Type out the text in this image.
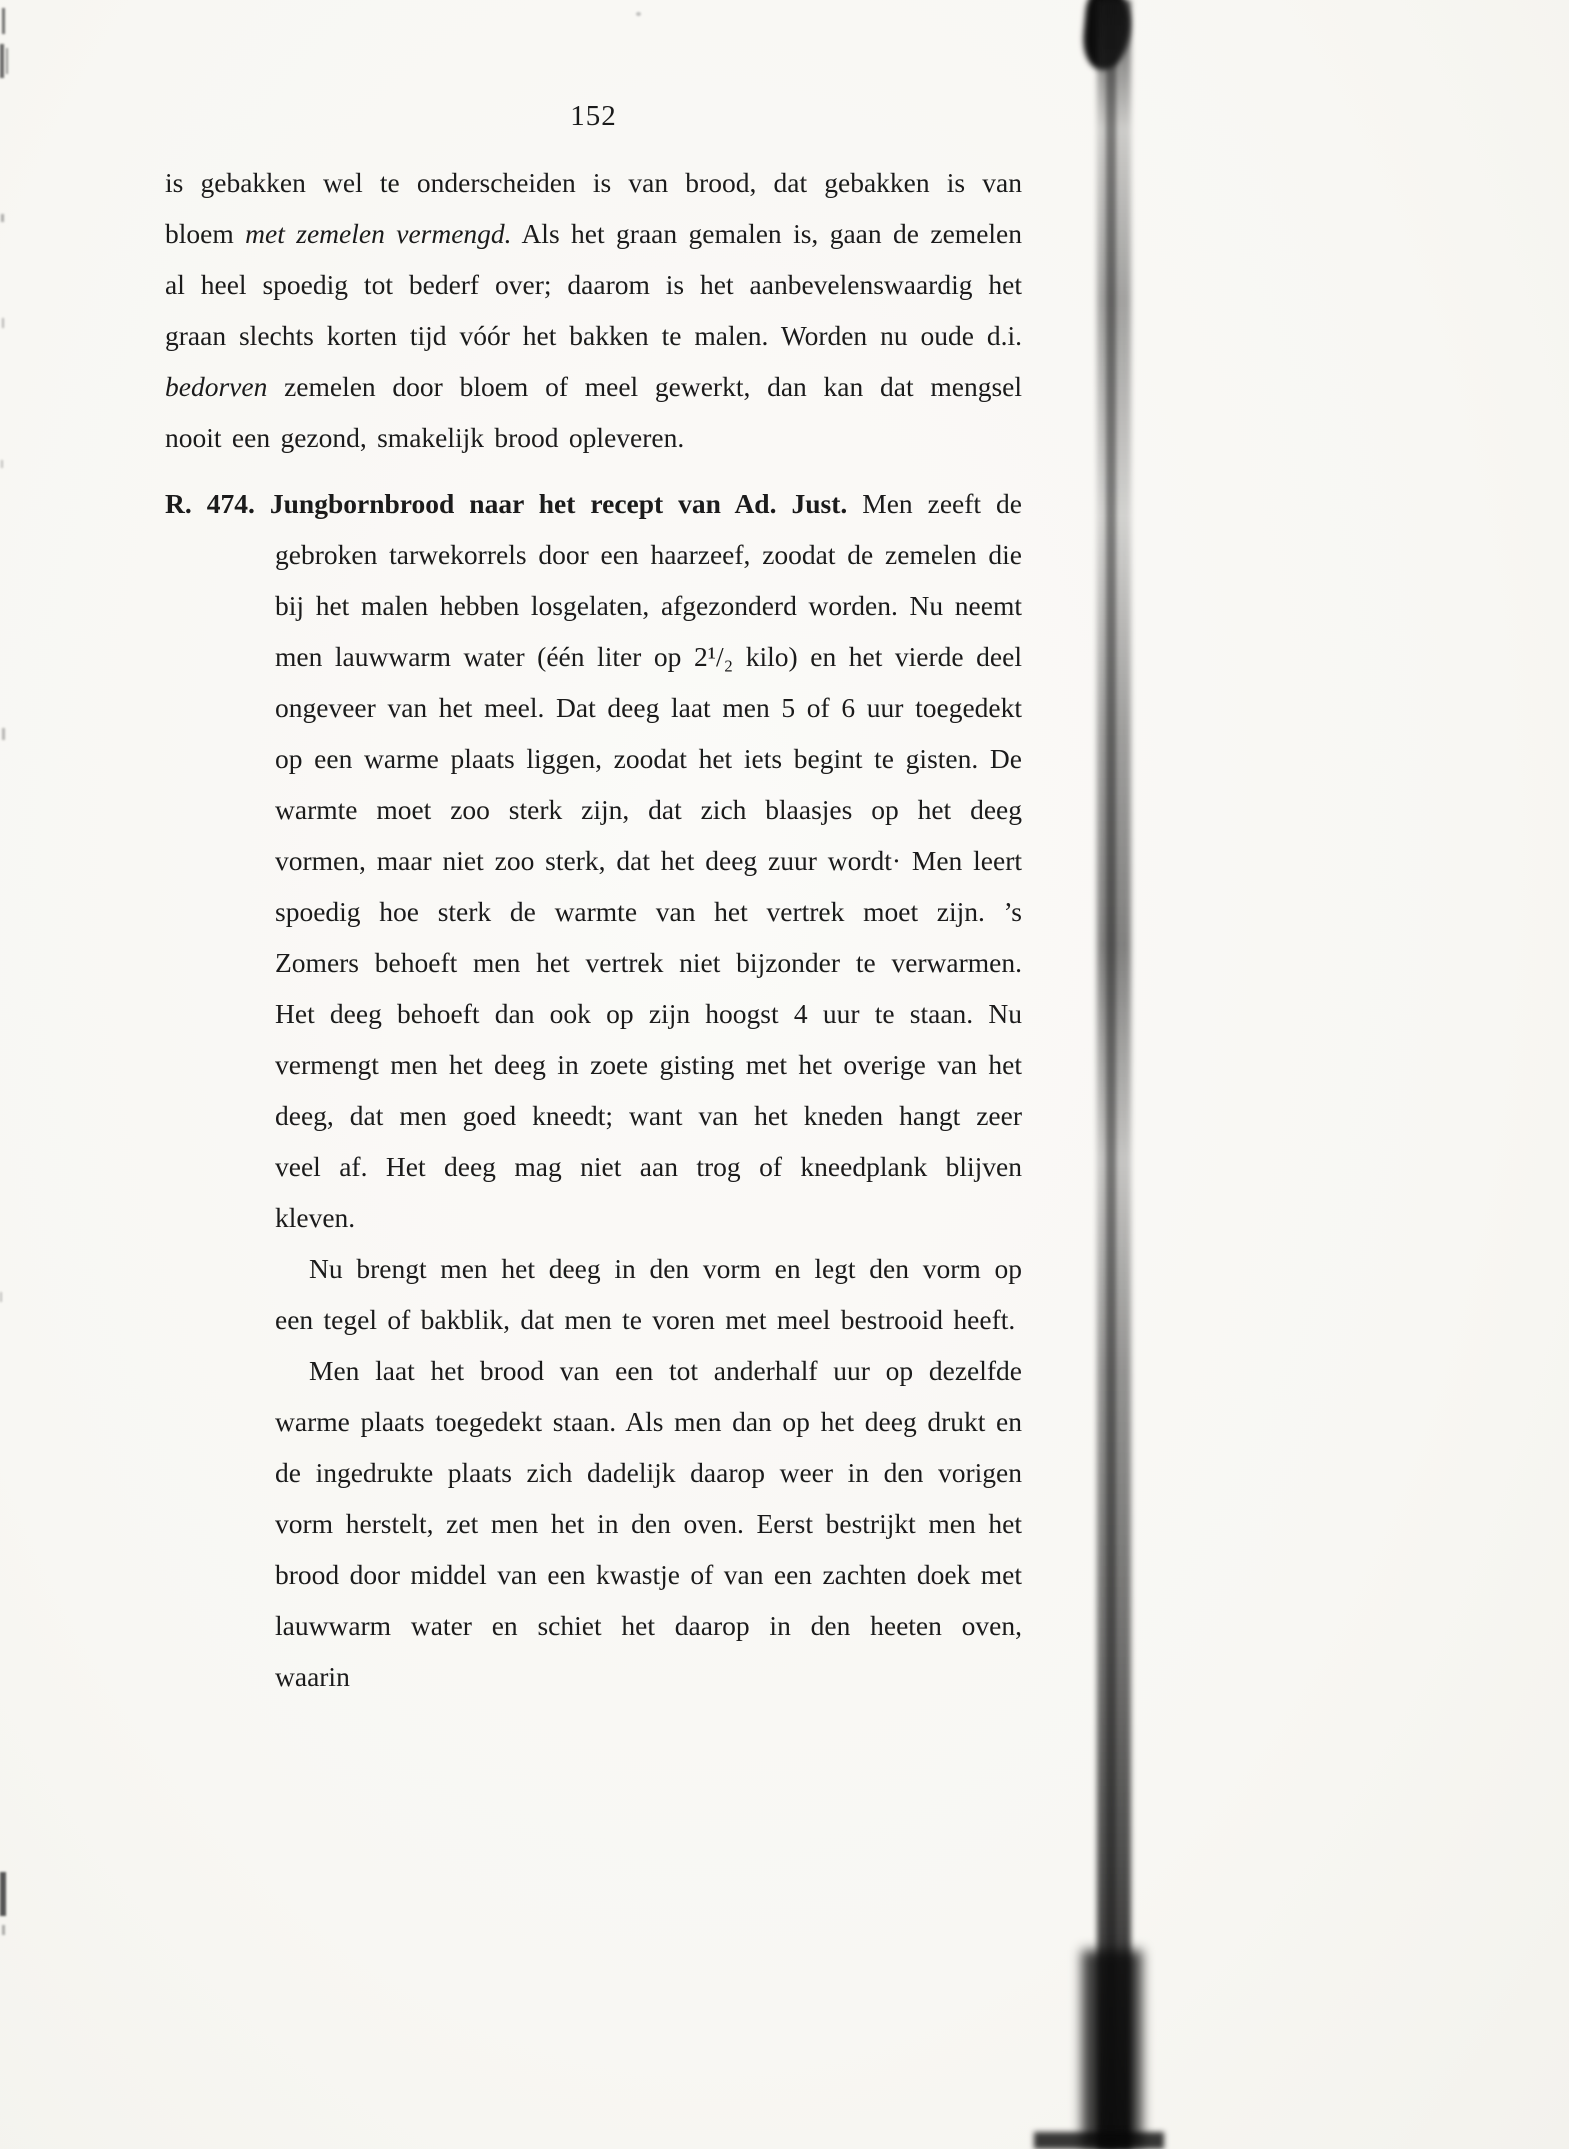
152

is gebakken wel te onderscheiden is van brood, dat gebakken is van bloem met zemelen vermengd. Als het graan gemalen is, gaan de zemelen al heel spoedig tot bederf over; daarom is het aanbevelenswaardig het graan slechts korten tijd vóór het bakken te malen. Worden nu oude d.i. bedorven zemelen door bloem of meel gewerkt, dan kan dat mengsel nooit een gezond, smakelijk brood opleveren.

R. 474. Jungbornbrood naar het recept van Ad. Just. Men zeeft de gebroken tarwekorrels door een haarzeef, zoodat de zemelen die bij het malen hebben losgelaten, afgezonderd worden. Nu neemt men lauwwarm water (één liter op 2¹/₂ kilo) en het vierde deel ongeveer van het meel. Dat deeg laat men 5 of 6 uur toegedekt op een warme plaats liggen, zoodat het iets begint te gisten. De warmte moet zoo sterk zijn, dat zich blaasjes op het deeg vormen, maar niet zoo sterk, dat het deeg zuur wordt· Men leert spoedig hoe sterk de warmte van het vertrek moet zijn. ’s Zomers behoeft men het vertrek niet bijzonder te verwarmen. Het deeg behoeft dan ook op zijn hoogst 4 uur te staan. Nu vermengt men het deeg in zoete gisting met het overige van het deeg, dat men goed kneedt; want van het kneden hangt zeer veel af. Het deeg mag niet aan trog of kneedplank blijven kleven.

Nu brengt men het deeg in den vorm en legt den vorm op een tegel of bakblik, dat men te voren met meel bestrooid heeft.

Men laat het brood van een tot anderhalf uur op dezelfde warme plaats toegedekt staan. Als men dan op het deeg drukt en de ingedrukte plaats zich dadelijk daarop weer in den vorigen vorm herstelt, zet men het in den oven. Eerst bestrijkt men het brood door middel van een kwastje of van een zachten doek met lauwwarm water en schiet het daarop in den heeten oven, waarin
